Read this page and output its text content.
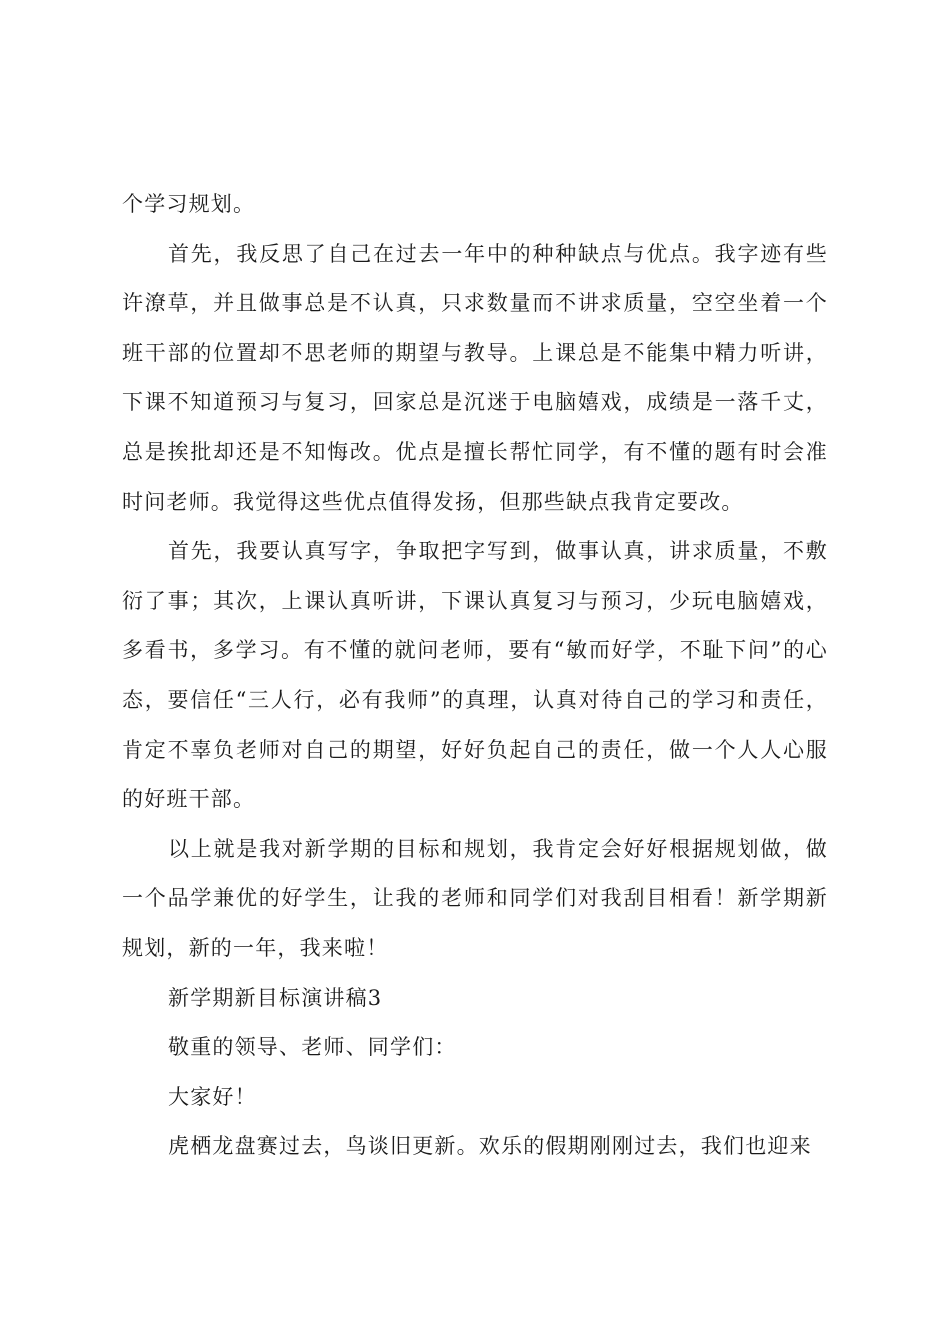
个学习规划。

首先，我反思了自己在过去一年中的种种缺点与优点。我字迹有些许潦草，并且做事总是不认真，只求数量而不讲求质量，空空坐着一个班干部的位置却不思老师的期望与教导。上课总是不能集中精力听讲，下课不知道预习与复习，回家总是沉迷于电脑嬉戏，成绩是一落千丈，总是挨批却还是不知悔改。优点是擅长帮忙同学，有不懂的题有时会准时问老师。我觉得这些优点值得发扬，但那些缺点我肯定要改。

首先，我要认真写字，争取把字写到，做事认真，讲求质量，不敷衍了事；其次，上课认真听讲，下课认真复习与预习，少玩电脑嬉戏，多看书，多学习。有不懂的就问老师，要有“敏而好学，不耻下问”的心态，要信任“三人行，必有我师”的真理，认真对待自己的学习和责任，肯定不辜负老师对自己的期望，好好负起自己的责任，做一个人人心服的好班干部。

以上就是我对新学期的目标和规划，我肯定会好好根据规划做，做一个品学兼优的好学生，让我的老师和同学们对我刮目相看！新学期新规划，新的一年，我来啦！

新学期新目标演讲稿3

敬重的领导、老师、同学们：

大家好！

虎栖龙盘赛过去，鸟谈旧更新。欢乐的假期刚刚过去，我们也迎来
